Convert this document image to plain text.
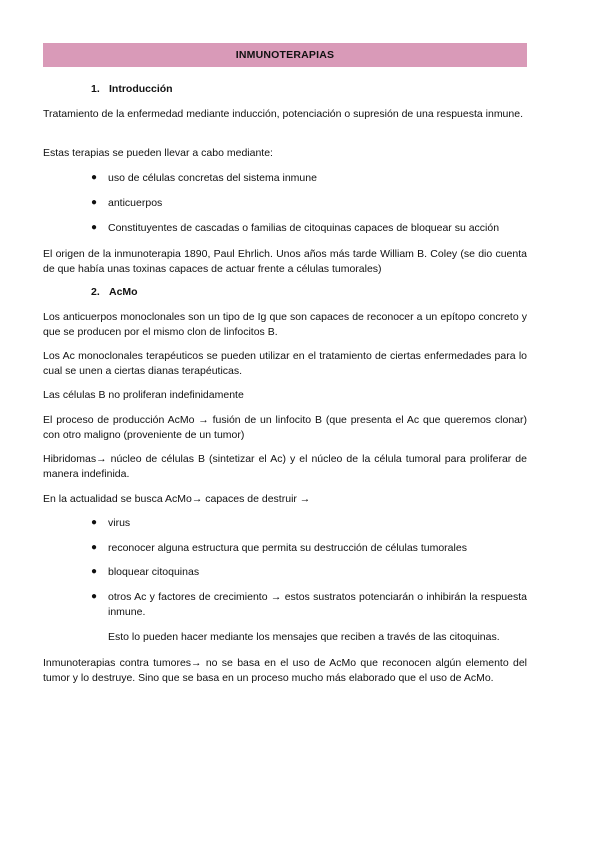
INMUNOTERAPIAS
1. Introducción
Tratamiento de la enfermedad mediante inducción, potenciación o supresión de una respuesta inmune.
Estas terapias se pueden llevar a cabo mediante:
●	uso de células concretas del sistema inmune
●	anticuerpos
●	Constituyentes de cascadas o familias de citoquinas capaces de bloquear su acción
El origen de la inmunoterapia 1890, Paul Ehrlich. Unos años más tarde William B. Coley (se dio cuenta de que había unas toxinas capaces de actuar frente a células tumorales)
2. AcMo
Los anticuerpos monoclonales son un tipo de Ig que son capaces de reconocer a un epítopo concreto y que se producen por el mismo clon de linfocitos B.
Los Ac monoclonales terapéuticos se pueden utilizar en el tratamiento de ciertas enfermedades para lo cual se unen a ciertas dianas terapéuticas.
Las células B no proliferan indefinidamente
El proceso de producción AcMo → fusión de un linfocito B (que presenta el Ac que queremos clonar) con otro maligno (proveniente de un tumor)
Hibridomas→ núcleo de células B (sintetizar el Ac) y el núcleo de la célula tumoral para proliferar de manera indefinida.
En la actualidad se busca AcMo→ capaces de destruir →
●	virus
●	reconocer alguna estructura que permita su destrucción de células tumorales
●	bloquear citoquinas
●	otros Ac y factores de crecimiento → estos sustratos potenciarán o inhibirán la respuesta inmune.
Esto lo pueden hacer mediante los mensajes que reciben a través de las citoquinas.
Inmunoterapias contra tumores→ no se basa en el uso de AcMo que reconocen algún elemento del tumor y lo destruye. Sino que se basa en un proceso mucho más elaborado que el uso de AcMo.
